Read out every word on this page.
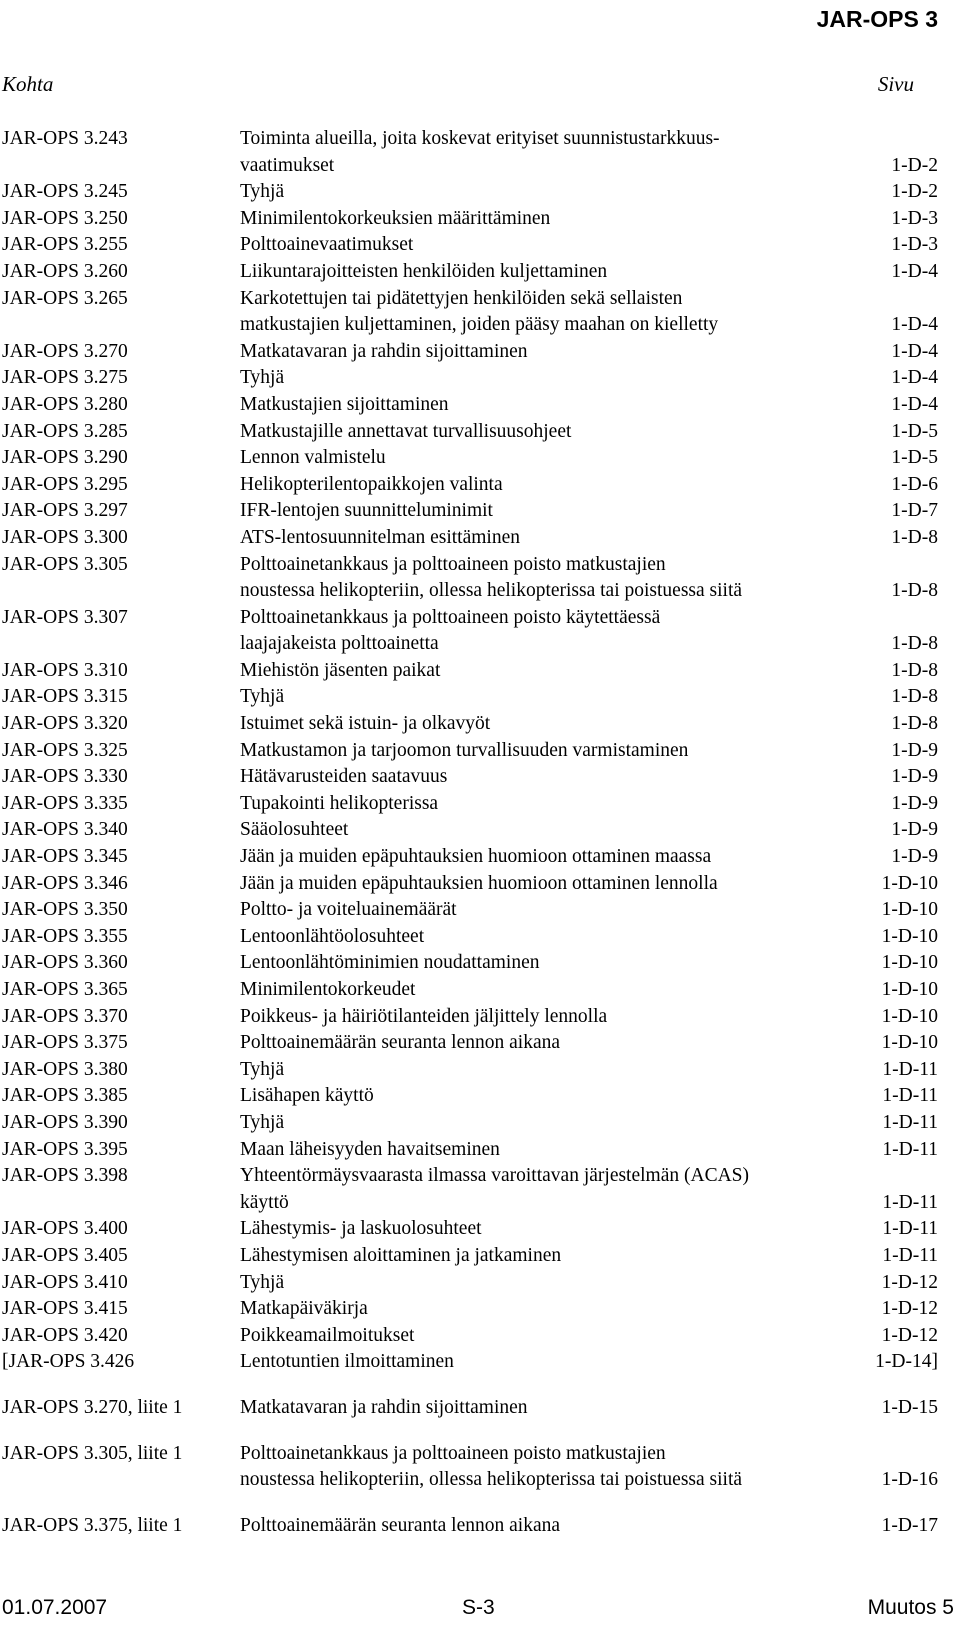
JAR-OPS 3
Kohta	Sivu
JAR-OPS 3.243	Toiminta alueilla, joita koskevat erityiset suunnistustarkkuus-
vaatimukset	1-D-2
JAR-OPS 3.245	Tyhjä	1-D-2
JAR-OPS 3.250	Minimilentokorkeuksien määrittäminen	1-D-3
JAR-OPS 3.255	Polttoainevaatimukset	1-D-3
JAR-OPS 3.260	Liikuntarajoitteisten henkilöiden kuljettaminen	1-D-4
JAR-OPS 3.265	Karkotettujen tai pidätettyjen henkilöiden sekä sellaisten
matkustajien kuljettaminen, joiden pääsy maahan on kielletty	1-D-4
JAR-OPS 3.270	Matkatavaran ja rahdin sijoittaminen	1-D-4
JAR-OPS 3.275	Tyhjä	1-D-4
JAR-OPS 3.280	Matkustajien sijoittaminen	1-D-4
JAR-OPS 3.285	Matkustajille annettavat turvallisuusohjeet	1-D-5
JAR-OPS 3.290	Lennon valmistelu	1-D-5
JAR-OPS 3.295	Helikopterilentopaikkojen valinta	1-D-6
JAR-OPS 3.297	IFR-lentojen suunnitteluminimit	1-D-7
JAR-OPS 3.300	ATS-lentosuunnitelman esittäminen	1-D-8
JAR-OPS 3.305	Polttoainetankkaus ja polttoaineen poisto matkustajien
noustessa helikopteriin, ollessa helikopterissa tai poistuessa siitä	1-D-8
JAR-OPS 3.307	Polttoainetankkaus ja polttoaineen poisto käytettäessä
laajajakeista polttoainetta	1-D-8
JAR-OPS 3.310	Miehistön jäsenten paikat	1-D-8
JAR-OPS 3.315	Tyhjä	1-D-8
JAR-OPS 3.320	Istuimet sekä istuin- ja olkavyöt	1-D-8
JAR-OPS 3.325	Matkustamon ja tarjoomon turvallisuuden varmistaminen	1-D-9
JAR-OPS 3.330	Hätävarusteiden saatavuus	1-D-9
JAR-OPS 3.335	Tupakointi helikopterissa	1-D-9
JAR-OPS 3.340	Sääolosuhteet	1-D-9
JAR-OPS 3.345	Jään ja muiden epäpuhtauksien huomioon ottaminen maassa	1-D-9
JAR-OPS 3.346	Jään ja muiden epäpuhtauksien huomioon ottaminen lennolla	1-D-10
JAR-OPS 3.350	Poltto- ja voiteluainemäärät	1-D-10
JAR-OPS 3.355	Lentoonlähtöolosuhteet	1-D-10
JAR-OPS 3.360	Lentoonlähtöminimien noudattaminen	1-D-10
JAR-OPS 3.365	Minimilentokorkeudet	1-D-10
JAR-OPS 3.370	Poikkeus- ja häiriötilanteiden jäljittely lennolla	1-D-10
JAR-OPS 3.375	Polttoainemäärän seuranta lennon aikana	1-D-10
JAR-OPS 3.380	Tyhjä	1-D-11
JAR-OPS 3.385	Lisähapen käyttö	1-D-11
JAR-OPS 3.390	Tyhjä	1-D-11
JAR-OPS 3.395	Maan läheisyyden havaitseminen	1-D-11
JAR-OPS 3.398	Yhteentörmäysvaarasta ilmassa varoittavan järjestelmän (ACAS)
käyttö	1-D-11
JAR-OPS 3.400	Lähestymis- ja laskuolosuhteet	1-D-11
JAR-OPS 3.405	Lähestymisen aloittaminen ja jatkaminen	1-D-11
JAR-OPS 3.410	Tyhjä	1-D-12
JAR-OPS 3.415	Matkapäiväkirja	1-D-12
JAR-OPS 3.420	Poikkeamailmoitukset	1-D-12
[JAR-OPS 3.426	Lentotuntien ilmoittaminen	1-D-14]
JAR-OPS 3.270, liite 1	Matkatavaran ja rahdin sijoittaminen	1-D-15
JAR-OPS 3.305, liite 1	Polttoainetankkaus ja polttoaineen poisto matkustajien
noustessa helikopteriin, ollessa helikopterissa tai poistuessa siitä	1-D-16
JAR-OPS 3.375, liite 1	Polttoainemäärän seuranta lennon aikana	1-D-17
01.07.2007	S-3	Muutos 5
